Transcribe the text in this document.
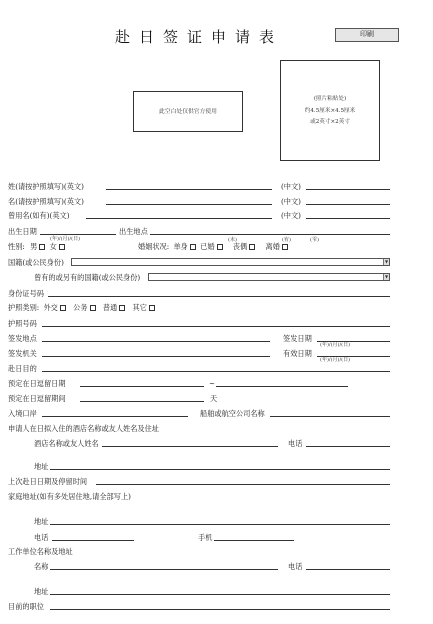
赴日签证申请表	印刷
此空白处仅供官方使用
(照片粘贴处)
约4.5厘米×4.5厘米
或2英寸×2英寸
姓(请按护照填写)(英文)	(中文)
名(请按护照填写)(英文)	(中文)
曾用名(如有)(英文)	(中文)
出生日期
(年)/(月)/(日)
出生地点
性别: 男 女	婚姻状况: 单身 已婚	丧偶	离婚
(未)	(宥)	(雫)
国籍(或公民身份)	▼
曾有的或另有的国籍(或公民身份)	▼
身份证号码
护照类别: 外交 公务 普通 其它
护照号码
签发地点	签发日期
(年)/(月)/(日)
签发机关	有效日期
(年)/(月)/(日)
赴日目的
预定在日逗留日期	~
预定在日逗留期间	天
入境口岸	船舶或航空公司名称
申请人在日拟入住的酒店名称或友人姓名及住址
酒店名称或友人姓名	电话
地址
上次赴日日期及停留时间
家庭地址(如有多处居住地,请全部写上)
地址
电话	手机
工作单位名称及地址
名称	电话
地址
目前的职位
